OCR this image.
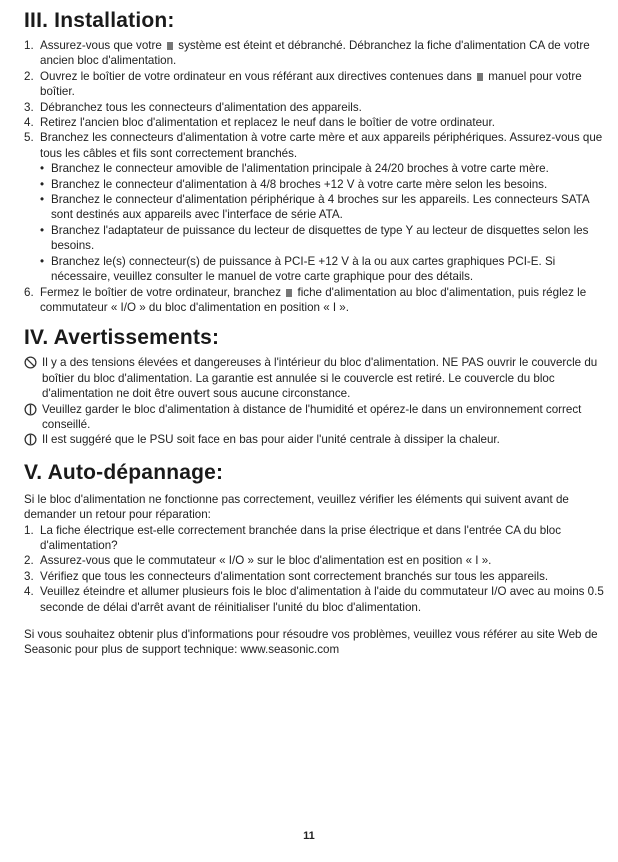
III. Installation:
1. Assurez-vous que votre système est éteint et débranché. Débranchez la fiche d'alimentation CA de votre ancien bloc d'alimentation.
2. Ouvrez le boîtier de votre ordinateur en vous référant aux directives contenues dans manuel pour votre boîtier.
3. Débranchez tous les connecteurs d'alimentation des appareils.
4. Retirez l'ancien bloc d'alimentation et replacez le neuf dans le boîtier de votre ordinateur.
5. Branchez les connecteurs d'alimentation à votre carte mère et aux appareils périphériques. Assurez-vous que tous les câbles et fils sont correctement branchés.
• Branchez le connecteur amovible de l'alimentation principale à 24/20 broches à votre carte mère.
• Branchez le connecteur d'alimentation à 4/8 broches +12 V à votre carte mère selon les besoins.
• Branchez le connecteur d'alimentation périphérique à 4 broches sur les appareils. Les connecteurs SATA sont destinés aux appareils avec l'interface de série ATA.
• Branchez l'adaptateur de puissance du lecteur de disquettes de type Y au lecteur de disquettes selon les besoins.
• Branchez le(s) connecteur(s) de puissance à PCI-E +12 V à la ou aux cartes graphiques PCI-E. Si nécessaire, veuillez consulter le manuel de votre carte graphique pour des détails.
6. Fermez le boîtier de votre ordinateur, branchez fiche d'alimentation au bloc d'alimentation, puis réglez le commutateur « I/O » du bloc d'alimentation en position « I ».
IV. Avertissements:
Il y a des tensions élevées et dangereuses à l'intérieur du bloc d'alimentation. NE PAS ouvrir le couvercle du boîtier du bloc d'alimentation. La garantie est annulée si le couvercle est retiré. Le couvercle du bloc d'alimentation ne doit être ouvert sous aucune circonstance.
Veuillez garder le bloc d'alimentation à distance de l'humidité et opérez-le dans un environnement correct conseillé.
Il est suggéré que le PSU soit face en bas pour aider l'unité centrale à dissiper la chaleur.
V. Auto-dépannage:

Si le bloc d'alimentation ne fonctionne pas correctement, veuillez vérifier les éléments qui suivent avant de demander un retour pour réparation:

1. La fiche électrique est-elle correctement branchée dans la prise électrique et dans l'entrée CA du bloc d'alimentation?
2. Assurez-vous que le commutateur « I/O » sur le bloc d'alimentation est en position « I ».
3. Vérifiez que tous les connecteurs d'alimentation sont correctement branchés sur tous les appareils.
4. Veuillez éteindre et allumer plusieurs fois le bloc d'alimentation à l'aide du commutateur I/O avec au moins 0.5 seconde de délai d'arrêt avant de réinitialiser l'unité du bloc d'alimentation.

Si vous souhaitez obtenir plus d'informations pour résoudre vos problèmes, veuillez vous référer au site Web de Seasonic pour plus de support technique: www.seasonic.com

11
